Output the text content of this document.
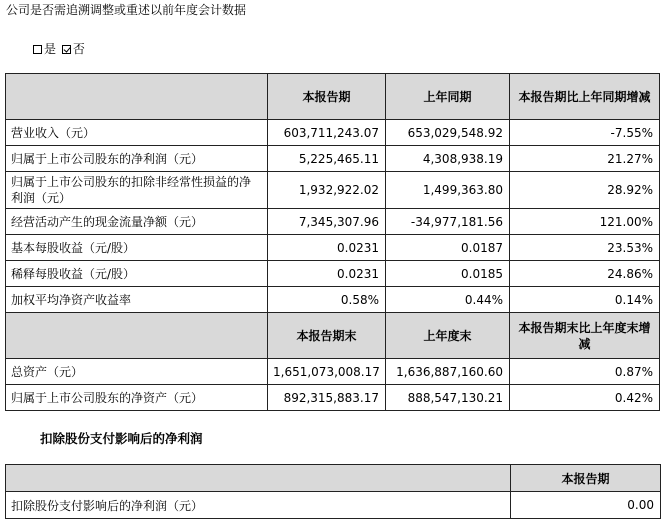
公司是否需追溯调整或重述以前年度会计数据
是 否
	本报告期	上年同期	本报告期比上年同期增减
营业收入（元）	603,711,243.07	653,029,548.92	-7.55%
归属于上市公司股东的净利润（元）	5,225,465.11	4,308,938.19	21.27%
归属于上市公司股东的扣除非经常性损益的净利润（元）	1,932,922.02	1,499,363.80	28.92%
经营活动产生的现金流量净额（元）	7,345,307.96	-34,977,181.56	121.00%
基本每股收益（元/股）	0.0231	0.0187	23.53%
稀释每股收益（元/股）	0.0231	0.0185	24.86%
加权平均净资产收益率	0.58%	0.44%	0.14%
	本报告期末	上年度末	本报告期末比上年度末增减
总资产（元）	1,651,073,008.17	1,636,887,160.60	0.87%
归属于上市公司股东的净资产（元）	892,315,883.17	888,547,130.21	0.42%
扣除股份支付影响后的净利润
	本报告期
扣除股份支付影响后的净利润（元）	0.00
